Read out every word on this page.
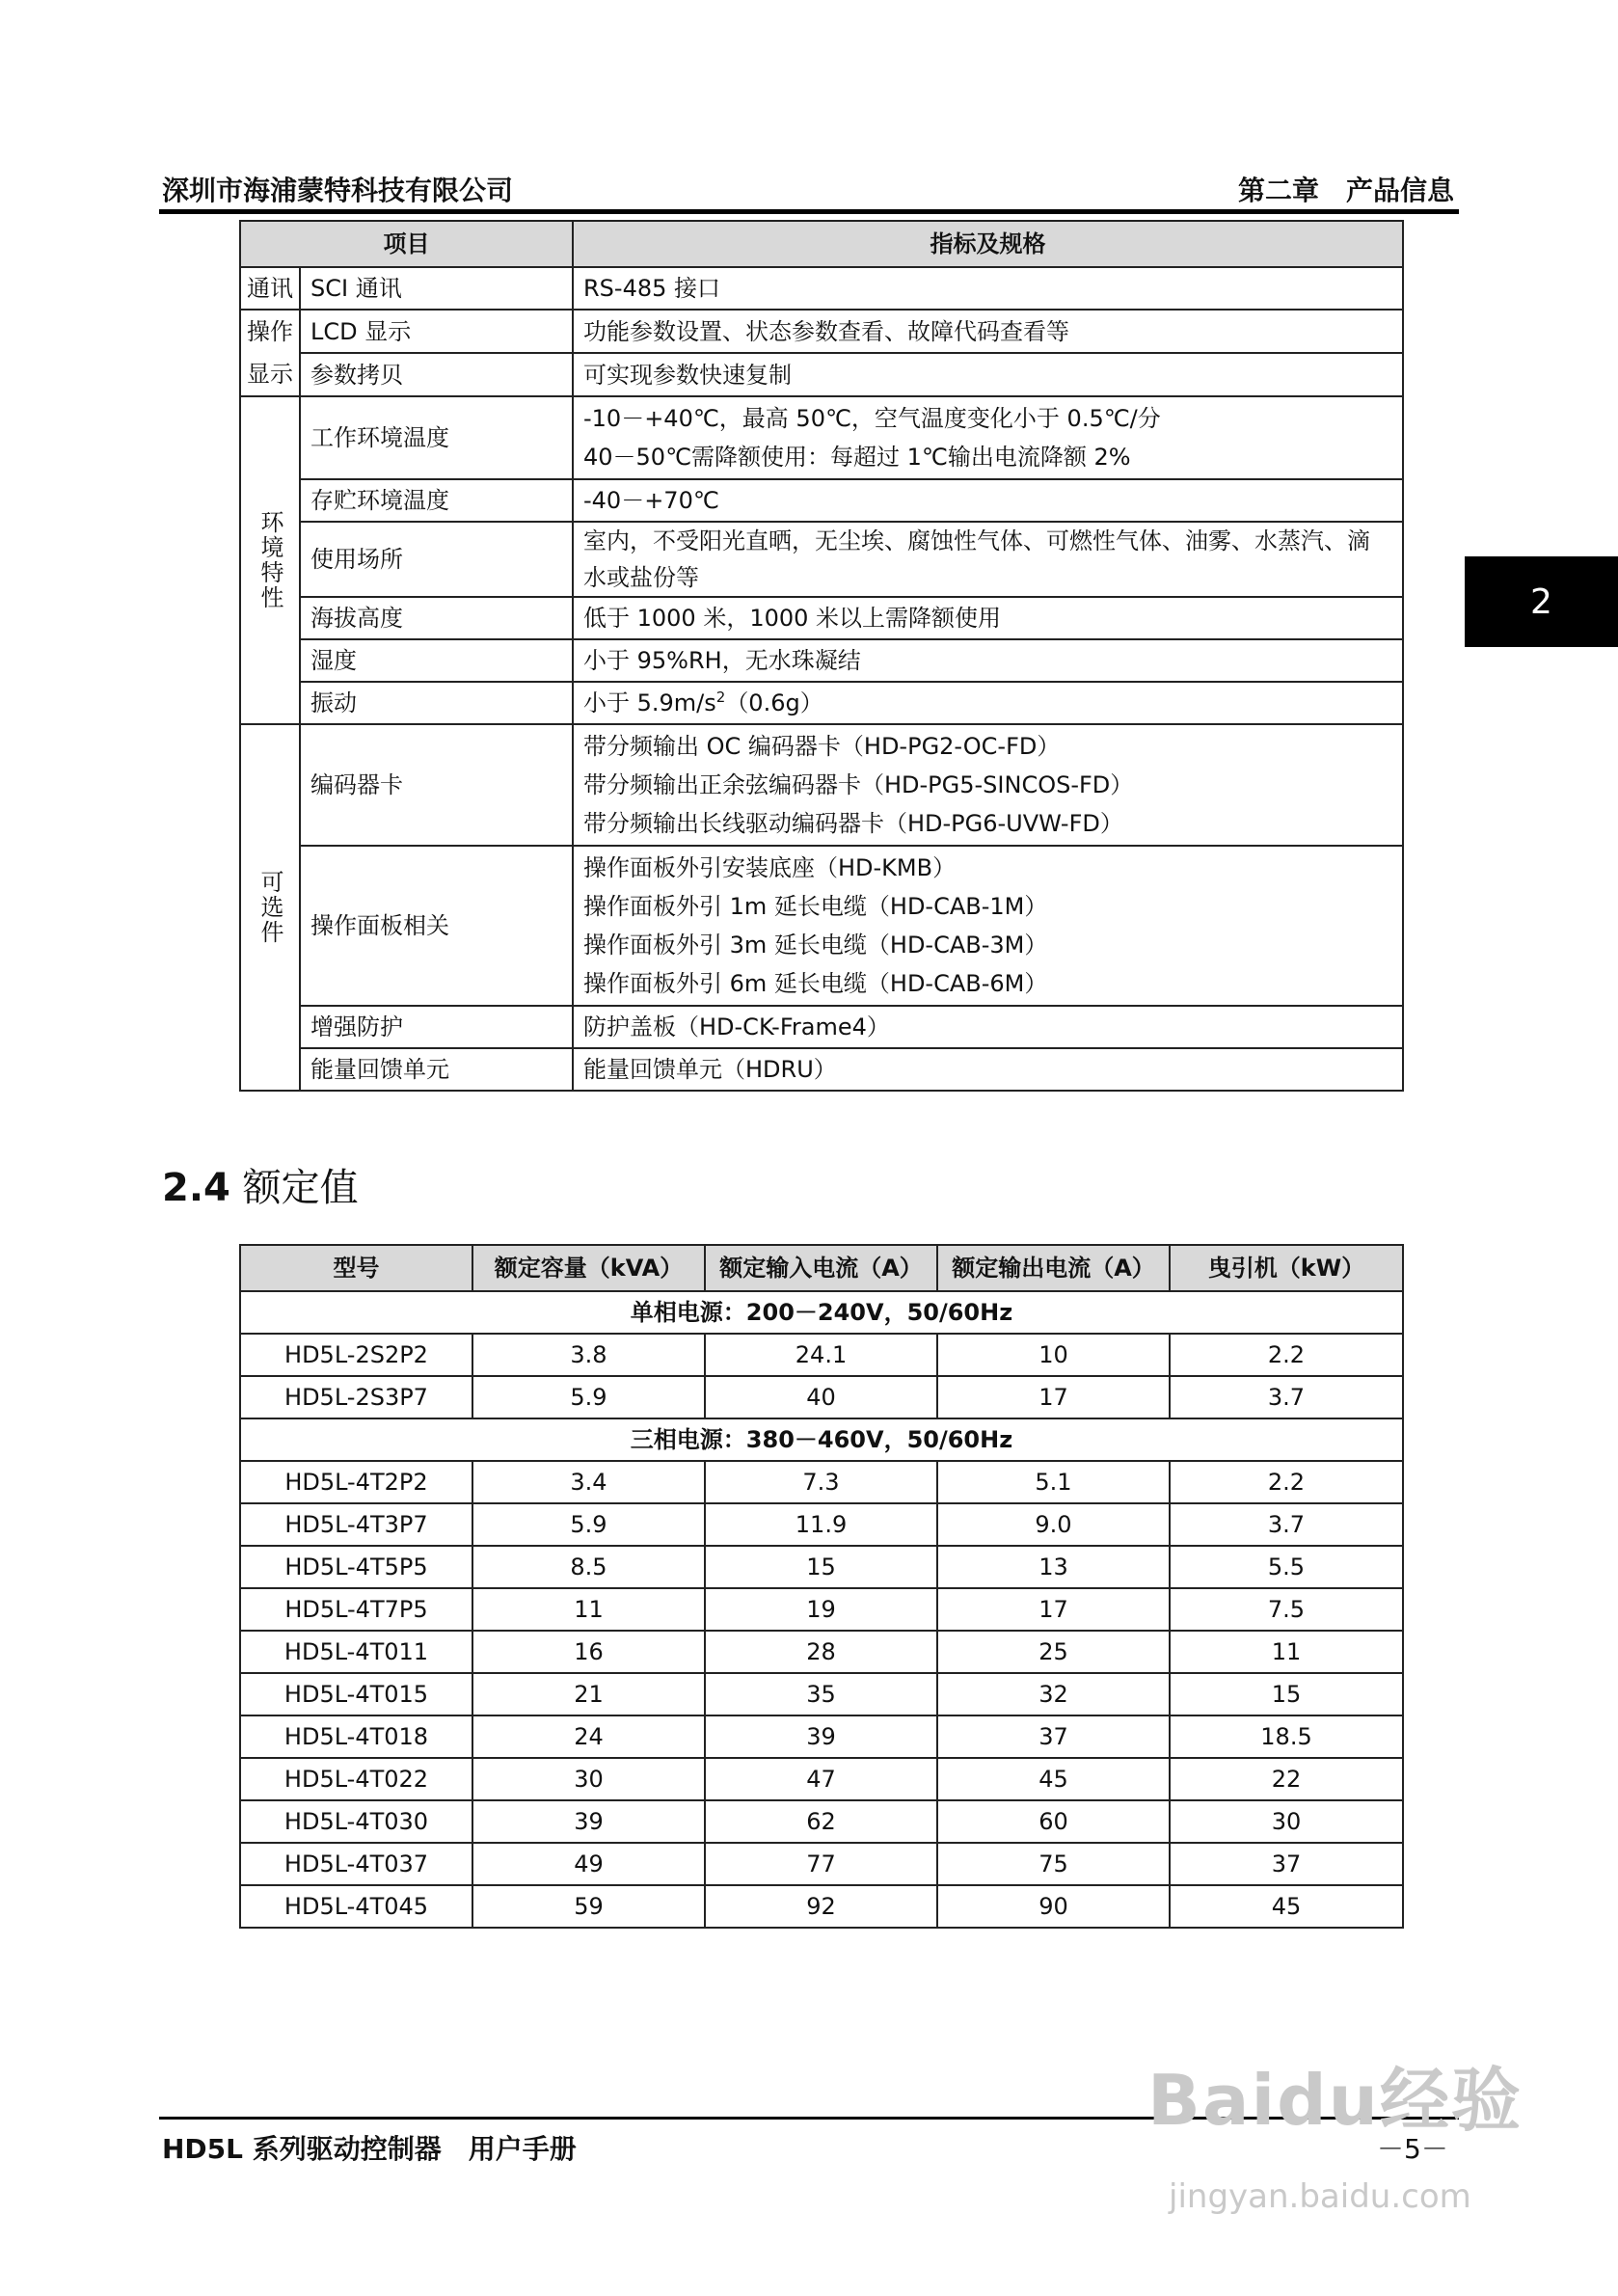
深圳市海浦蒙特科技有限公司	第二章　产品信息
2
项目		指标及规格
通讯	SCI 通讯	RS-485 接口

操作显示	LCD 显示	功能参数设置、状态参数查看、故障代码查看等
	参数拷贝	可实现参数快速复制

环境特性	工作环境温度	-10－+40℃，最高 50℃，空气温度变化小于 0.5℃/分
40－50℃需降额使用：每超过 1℃输出电流降额 2%

	存贮环境温度	-40－+70℃
	使用场所	室内，不受阳光直晒，无尘埃、腐蚀性气体、可燃性气体、油雾、水蒸汽、滴水或盐份等
	海拔高度	低于 1000 米，1000 米以上需降额使用
	湿度	小于 95%RH，无水珠凝结
	振动	小于 $5.9m/s^2(0.6g)$

可选件	编码器卡	带分频输出 OC 编码器卡（HD-PG2-OC-FD）
带分频输出正余弦编码器卡（HD-PG5-SINCOS-FD）
带分频输出长线驱动编码器卡（HD-PG6-UVW-FD）

	操作面板相关	操作面板外引安装底座（HD-KMB）
操作面板外引 1m 延长电缆（HD-CAB-1M）
操作面板外引 3m 延长电缆（HD-CAB-3M）
操作面板外引 6m 延长电缆（HD-CAB-6M）

	增强防护	防护盖板（HD-CK-Frame4）
	能量回馈单元	能量回馈单元（HDRU）
2.4 额定值
型号	额定容量（kVA）	额定输入电流（A）	额定输出电流（A）	曳引机（kW）
单相电源：200－240V，50/60Hz				
HD5L-2S2P2	3.8	24.1	10	2.2
HD5L-2S3P7	5.9	40	17	3.7
三相电源：380－460V，50/60Hz				
HD5L-4T2P2	3.4	7.3	5.1	2.2
HD5L-4T3P7	5.9	11.9	9.0	3.7
HD5L-4T5P5	8.5	15	13	5.5
HD5L-4T7P5	11	19	17	7.5
HD5L-4T011	16	28	25	11
HD5L-4T015	21	35	32	15
HD5L-4T018	24	39	37	18.5
HD5L-4T022	30	47	45	22
HD5L-4T030	39	62	60	30
HD5L-4T037	49	77	75	37
HD5L-4T045	59	92	90	45
HD5L 系列驱动控制器　用户手册	－5－
Baidu经验
jingyan.baidu.com
